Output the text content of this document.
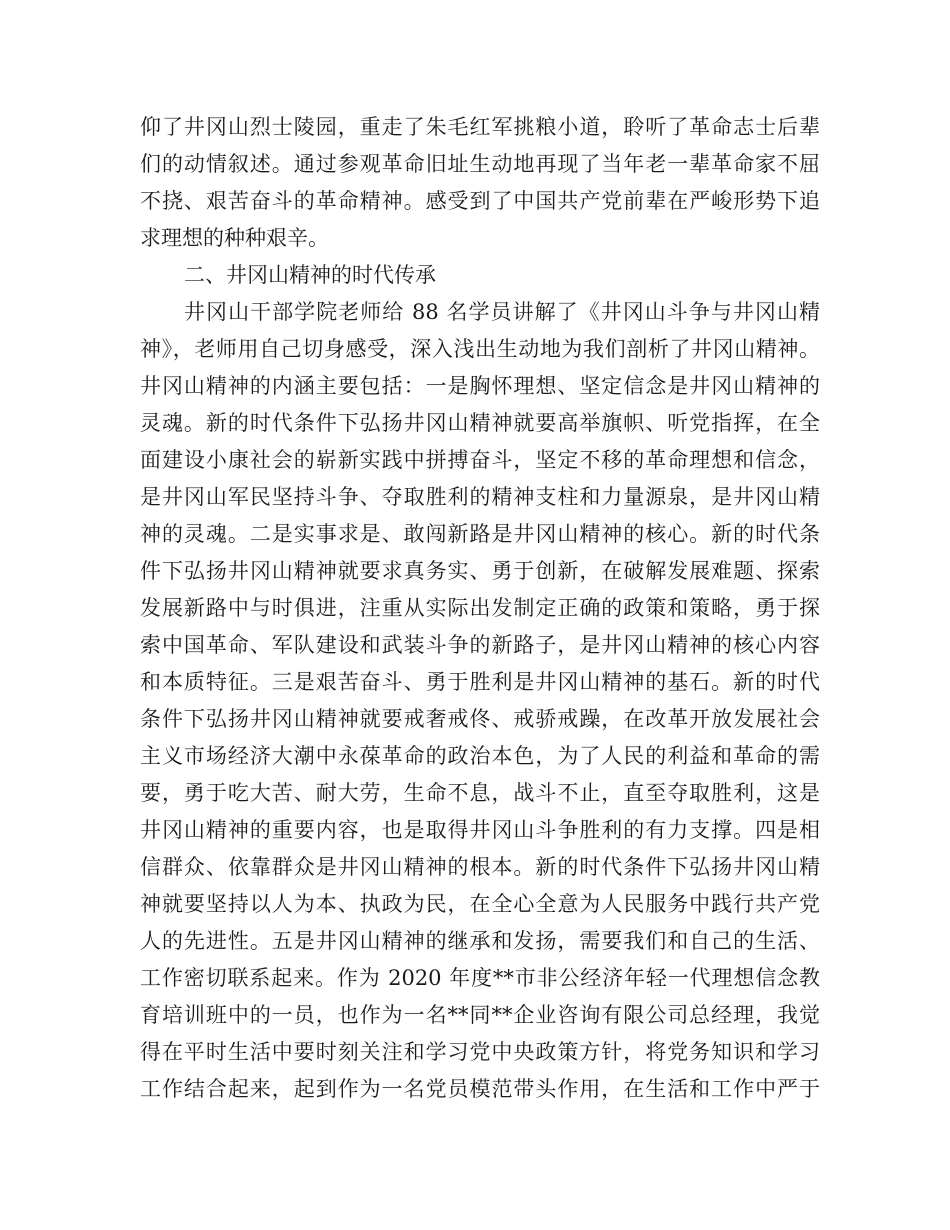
仰了井冈山烈士陵园，重走了朱毛红军挑粮小道，聆听了革命志士后辈
们的动情叙述。通过参观革命旧址生动地再现了当年老一辈革命家不屈
不挠、艰苦奋斗的革命精神。感受到了中国共产党前辈在严峻形势下追
求理想的种种艰辛。
二、井冈山精神的时代传承
井冈山干部学院老师给 88 名学员讲解了《井冈山斗争与井冈山精
神》，老师用自己切身感受，深入浅出生动地为我们剖析了井冈山精神。
井冈山精神的内涵主要包括：一是胸怀理想、坚定信念是井冈山精神的
灵魂。新的时代条件下弘扬井冈山精神就要高举旗帜、听党指挥，在全
面建设小康社会的崭新实践中拼搏奋斗，坚定不移的革命理想和信念，
是井冈山军民坚持斗争、夺取胜利的精神支柱和力量源泉，是井冈山精
神的灵魂。二是实事求是、敢闯新路是井冈山精神的核心。新的时代条
件下弘扬井冈山精神就要求真务实、勇于创新，在破解发展难题、探索
发展新路中与时俱进，注重从实际出发制定正确的政策和策略，勇于探
索中国革命、军队建设和武装斗争的新路子，是井冈山精神的核心内容
和本质特征。三是艰苦奋斗、勇于胜利是井冈山精神的基石。新的时代
条件下弘扬井冈山精神就要戒奢戒佟、戒骄戒躁，在改革开放发展社会
主义市场经济大潮中永葆革命的政治本色，为了人民的利益和革命的需
要，勇于吃大苦、耐大劳，生命不息，战斗不止，直至夺取胜利，这是
井冈山精神的重要内容，也是取得井冈山斗争胜利的有力支撑。四是相
信群众、依靠群众是井冈山精神的根本。新的时代条件下弘扬井冈山精
神就要坚持以人为本、执政为民，在全心全意为人民服务中践行共产党
人的先进性。五是井冈山精神的继承和发扬，需要我们和自己的生活、
工作密切联系起来。作为 2020 年度**市非公经济年轻一代理想信念教
育培训班中的一员，也作为一名**同**企业咨询有限公司总经理，我觉
得在平时生活中要时刻关注和学习党中央政策方针，将党务知识和学习
工作结合起来，起到作为一名党员模范带头作用，在生活和工作中严于
